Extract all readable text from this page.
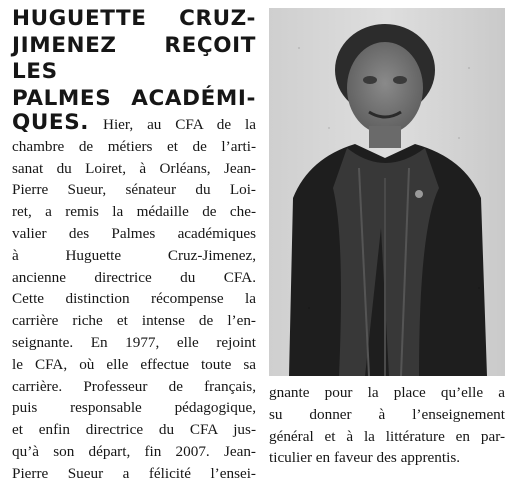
HUGUETTE CRUZ-
JIMENEZ REÇOIT LES
PALMES ACADÉMI-
QUES. Hier, au CFA de la
chambre de métiers et de l’arti-
sanat du Loiret, à Orléans, Jean-
Pierre Sueur, sénateur du Loi-
ret, a remis la médaille de che-
valier des Palmes académiques
à Huguette Cruz-Jimenez,
ancienne directrice du CFA.
Cette distinction récompense la
carrière riche et intense de l’en-
seignante. En 1977, elle rejoint
le CFA, où elle effectue toute sa
carrière. Professeur de français,
puis responsable pédagogique,
et enfin directrice du CFA jus-
qu’à son départ, fin 2007. Jean-
Pierre Sueur a félicité l’ensei-
gnante pour la place qu’elle a
su donner à l’enseignement
général et à la littérature en par-
ticulier en faveur des apprentis.
